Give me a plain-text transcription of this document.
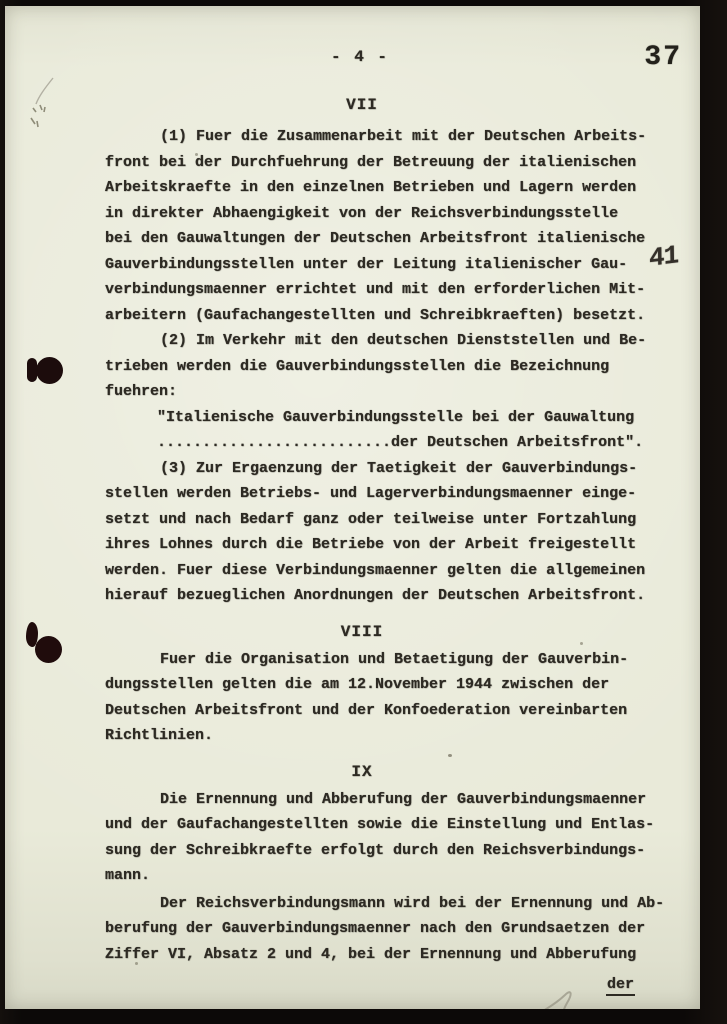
41
37
- 4 -
VII

(1) Fuer die Zusammenarbeit mit der Deutschen Arbeits-

front bei der Durchfuehrung der Betreuung der italienischen

Arbeitskraefte in den einzelnen Betrieben und Lagern werden

in direkter Abhaengigkeit von der Reichsverbindungsstelle

bei den Gauwaltungen der Deutschen Arbeitsfront italienische

Gauverbindungsstellen unter der Leitung italienischer Gau-

verbindungsmaenner errichtet und mit den erforderlichen Mit-

arbeitern (Gaufachangestellten und Schreibkraeften) besetzt.

(2) Im Verkehr mit den deutschen Dienststellen und Be-

trieben werden die Gauverbindungsstellen die Bezeichnung

fuehren:

"Italienische Gauverbindungsstelle bei der Gauwaltung

..........................der Deutschen Arbeitsfront".

(3) Zur Ergaenzung der Taetigkeit der Gauverbindungs-

stellen werden Betriebs- und Lagerverbindungsmaenner einge-

setzt und nach Bedarf ganz oder teilweise unter Fortzahlung

ihres Lohnes durch die Betriebe von der Arbeit freigestellt

werden. Fuer diese Verbindungsmaenner gelten die allgemeinen

hierauf bezueglichen Anordnungen der Deutschen Arbeitsfront.

VIII

Fuer die Organisation und Betaetigung der Gauverbin-

dungsstellen gelten die am 12.November 1944 zwischen der

Deutschen Arbeitsfront und der Konfoederation vereinbarten

Richtlinien.

IX

Die Ernennung und Abberufung der Gauverbindungsmaenner

und der Gaufachangestellten sowie die Einstellung und Entlas-

sung der Schreibkraefte erfolgt durch den Reichsverbindungs-

mann.

Der Reichsverbindungsmann wird bei der Ernennung und Ab-

berufung der Gauverbindungsmaenner nach den Grundsaetzen der

Ziffer VI, Absatz 2 und 4, bei der Ernennung und Abberufung

der
